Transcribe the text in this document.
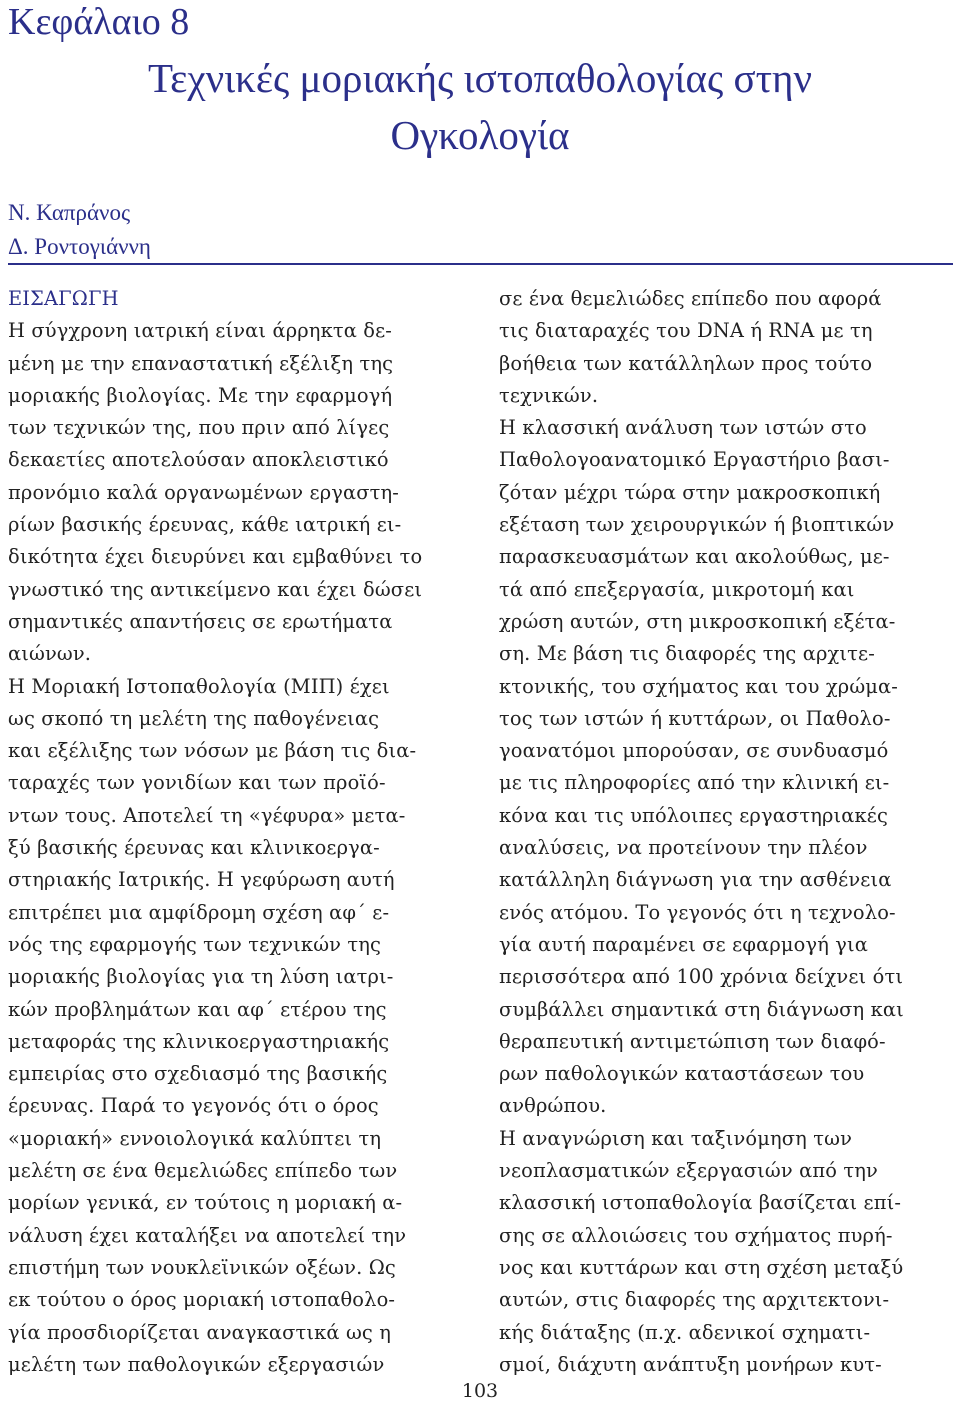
Κεφάλαιο 8
Τεχνικές μοριακής ιστοπαθολογίας στην
Ογκολογία
Ν. Καπράνος
Δ. Ροντογιάννη
ΕΙΣΑΓΩΓΗ
Η σύγχρονη ιατρική είναι άρρηκτα δε-
μένη με την επαναστατική εξέλιξη της
μοριακής βιολογίας. Με την εφαρμογή
των τεχνικών της, που πριν από λίγες
δεκαετίες αποτελούσαν αποκλειστικό
προνόμιο καλά οργανωμένων εργαστη-
ρίων βασικής έρευνας, κάθε ιατρική ει-
δικότητα έχει διευρύνει και εμβαθύνει το
γνωστικό της αντικείμενο και έχει δώσει
σημαντικές απαντήσεις σε ερωτήματα
αιώνων.
Η Μοριακή Ιστοπαθολογία (ΜΙΠ) έχει
ως σκοπό τη μελέτη της παθογένειας
και εξέλιξης των νόσων με βάση τις δια-
ταραχές των γονιδίων και των προϊό-
ντων τους. Αποτελεί τη «γέφυρα» μετα-
ξύ βασικής έρευνας και κλινικοεργα-
στηριακής Ιατρικής. Η γεφύρωση αυτή
επιτρέπει μια αμφίδρομη σχέση αφ΄ ε-
νός της εφαρμογής των τεχνικών της
μοριακής βιολογίας για τη λύση ιατρι-
κών προβλημάτων και αφ΄ ετέρου της
μεταφοράς της κλινικοεργαστηριακής
εμπειρίας στο σχεδιασμό της βασικής
έρευνας. Παρά το γεγονός ότι ο όρος
«μοριακή» εννοιολογικά καλύπτει τη
μελέτη σε ένα θεμελιώδες επίπεδο των
μορίων γενικά, εν τούτοις η μοριακή α-
νάλυση έχει καταλήξει να αποτελεί την
επιστήμη των νουκλεϊνικών οξέων. Ως
εκ τούτου ο όρος μοριακή ιστοπαθολο-
γία προσδιορίζεται αναγκαστικά ως η
μελέτη των παθολογικών εξεργασιών
σε ένα θεμελιώδες επίπεδο που αφορά
τις διαταραχές του DNA ή RNA με τη
βοήθεια των κατάλληλων προς τούτο
τεχνικών.
Η κλασσική ανάλυση των ιστών στο
Παθολογοανατομικό Εργαστήριο βασι-
ζόταν μέχρι τώρα στην μακροσκοπική
εξέταση των χειρουργικών ή βιοπτικών
παρασκευασμάτων και ακολούθως, με-
τά από επεξεργασία, μικροτομή και
χρώση αυτών, στη μικροσκοπική εξέτα-
ση. Με βάση τις διαφορές της αρχιτε-
κτονικής, του σχήματος και του χρώμα-
τος των ιστών ή κυττάρων, οι Παθολο-
γοανατόμοι μπορούσαν, σε συνδυασμό
με τις πληροφορίες από την κλινική ει-
κόνα και τις υπόλοιπες εργαστηριακές
αναλύσεις, να προτείνουν την πλέον
κατάλληλη διάγνωση για την ασθένεια
ενός ατόμου. Το γεγονός ότι η τεχνολο-
γία αυτή παραμένει σε εφαρμογή για
περισσότερα από 100 χρόνια δείχνει ότι
συμβάλλει σημαντικά στη διάγνωση και
θεραπευτική αντιμετώπιση των διαφό-
ρων παθολογικών καταστάσεων του
ανθρώπου.
Η αναγνώριση και ταξινόμηση των
νεοπλασματικών εξεργασιών από την
κλασσική ιστοπαθολογία βασίζεται επί-
σης σε αλλοιώσεις του σχήματος πυρή-
νος και κυττάρων και στη σχέση μεταξύ
αυτών, στις διαφορές της αρχιτεκτονι-
κής διάταξης (π.χ. αδενικοί σχηματι-
σμοί, διάχυτη ανάπτυξη μονήρων κυτ-
103
